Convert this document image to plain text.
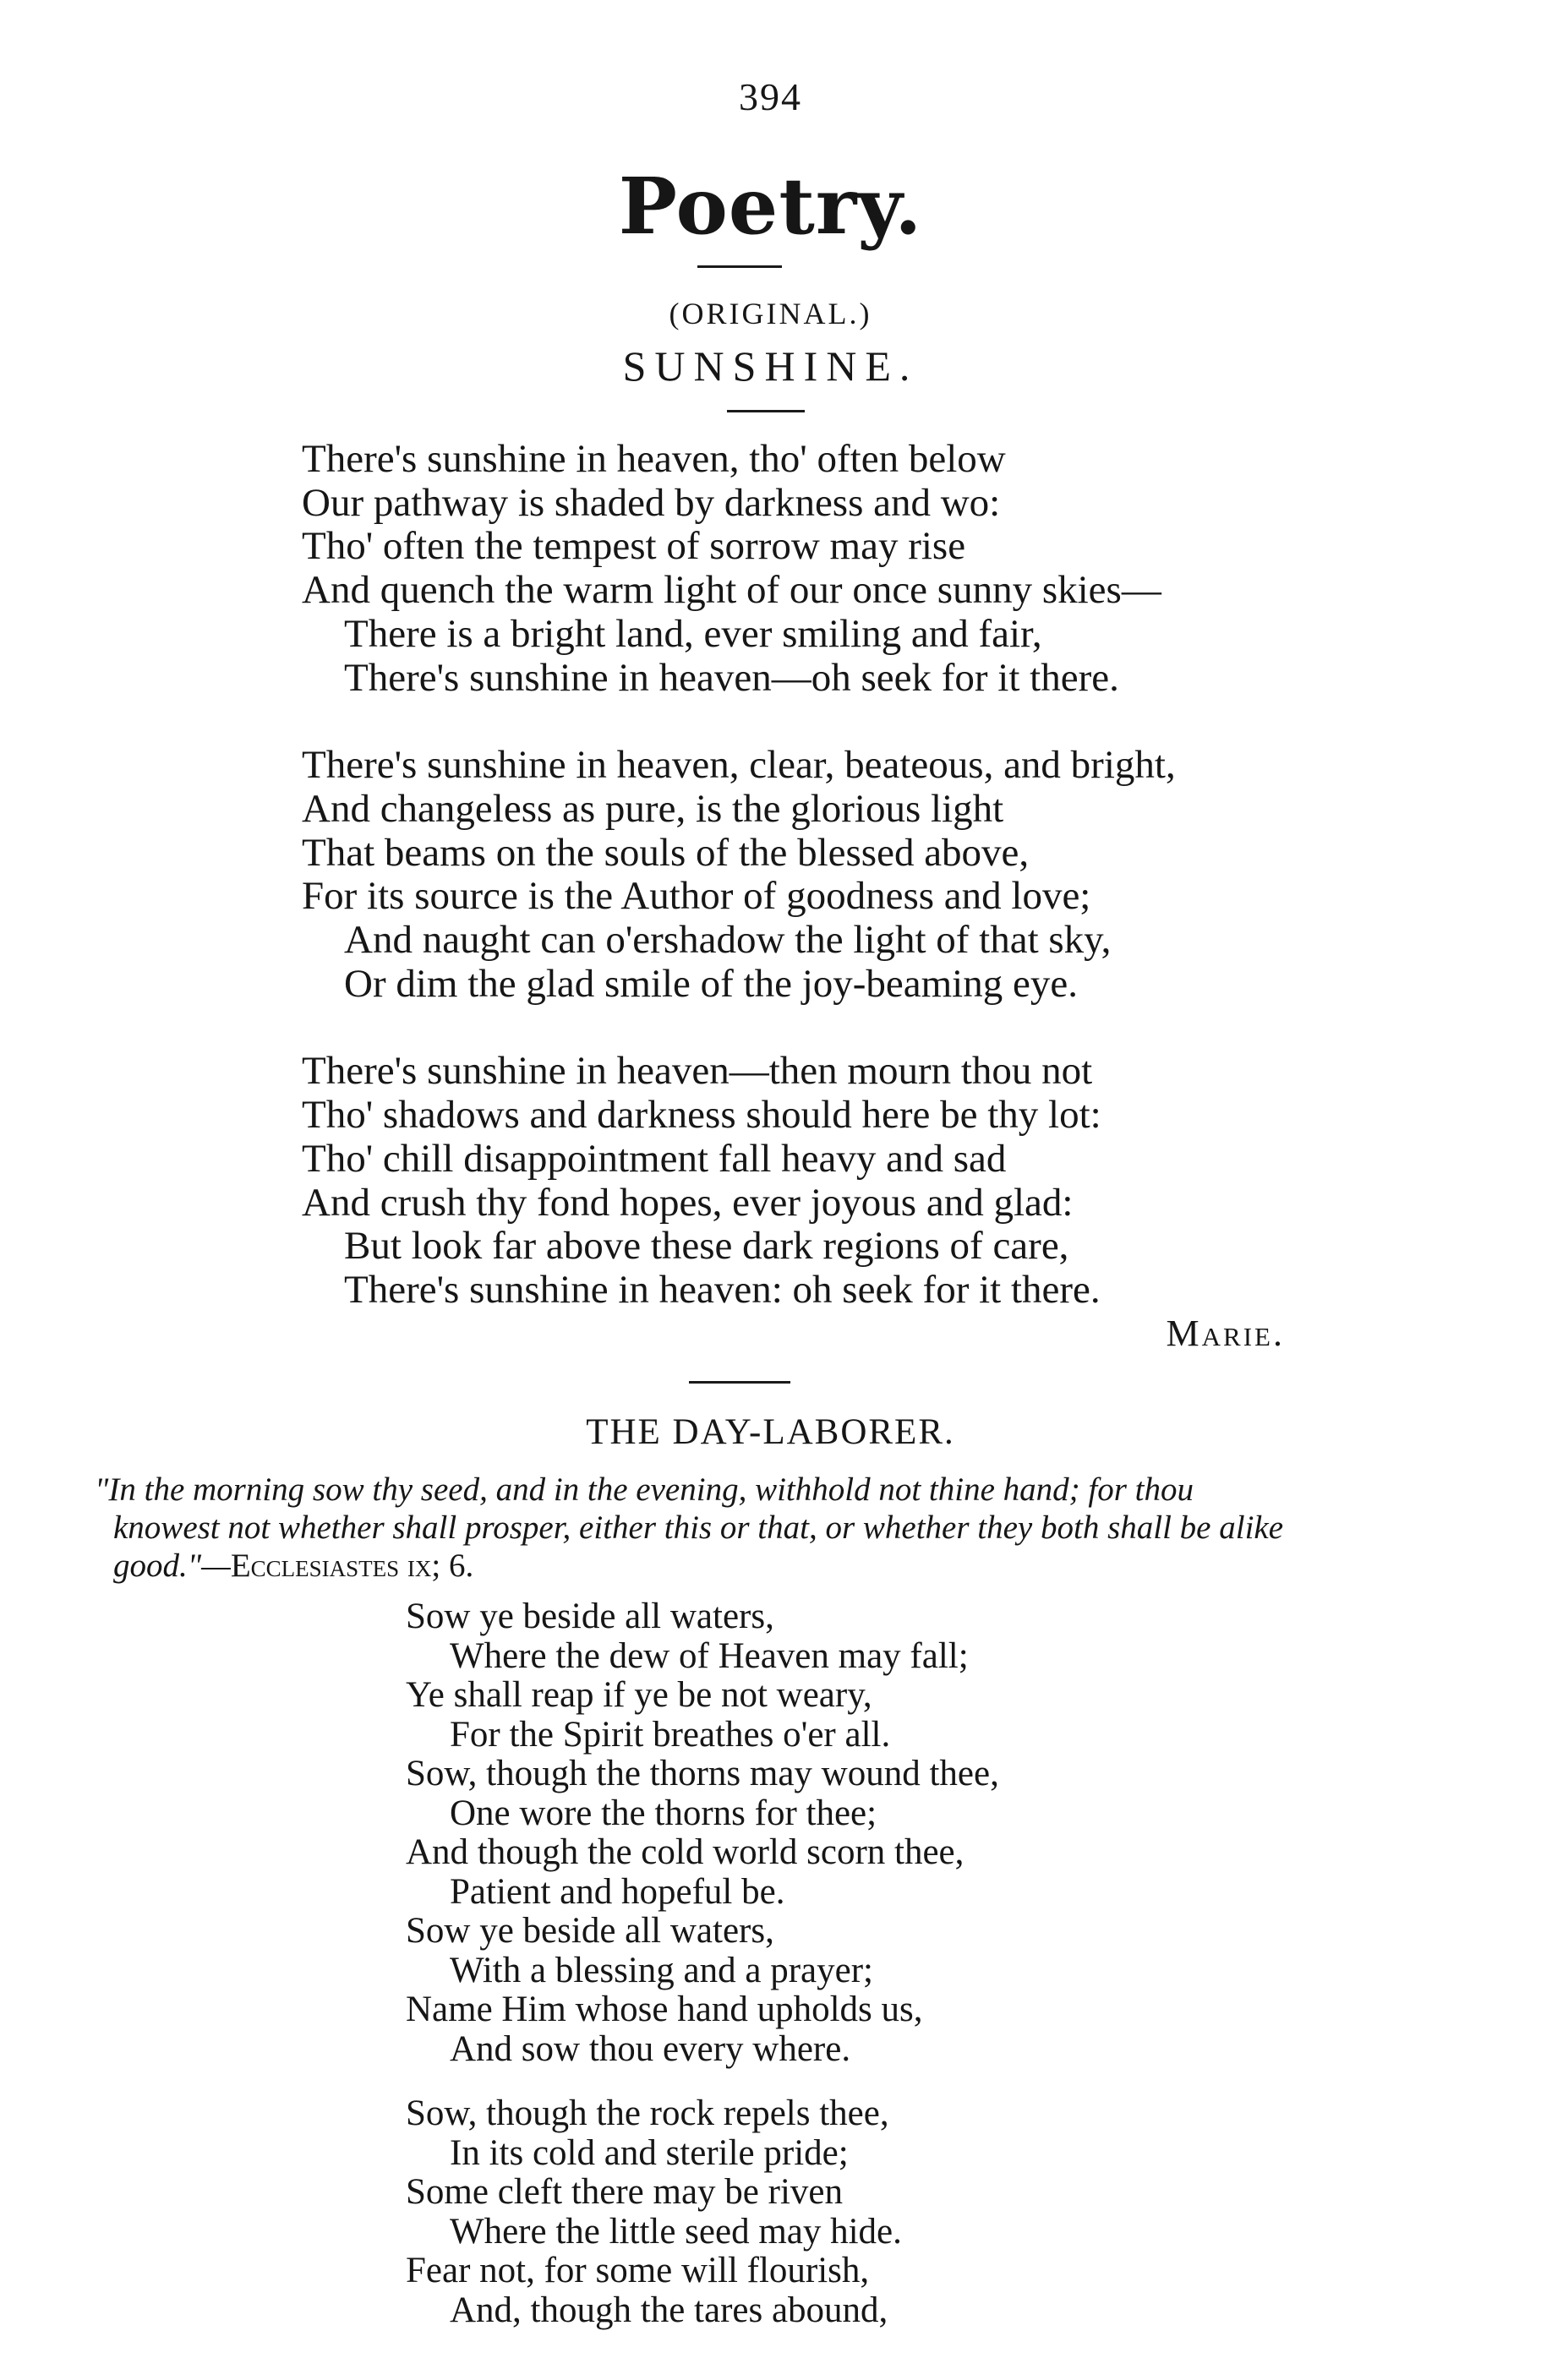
394
Poetry.
(ORIGINAL.)
SUNSHINE.
There's sunshine in heaven, tho' often below
Our pathway is shaded by darkness and wo:
Tho' often the tempest of sorrow may rise
And quench the warm light of our once sunny skies—
There is a bright land, ever smiling and fair,
There's sunshine in heaven—oh seek for it there.
There's sunshine in heaven, clear, beateous, and bright,
And changeless as pure, is the glorious light
That beams on the souls of the blessed above,
For its source is the Author of goodness and love;
And naught can o'ershadow the light of that sky,
Or dim the glad smile of the joy-beaming eye.
There's sunshine in heaven—then mourn thou not
Tho' shadows and darkness should here be thy lot:
Tho' chill disappointment fall heavy and sad
And crush thy fond hopes, ever joyous and glad:
But look far above these dark regions of care,
There's sunshine in heaven: oh seek for it there.
Marie.
THE DAY-LABORER.
"In the morning sow thy seed, and in the evening, withhold not thine hand; for thou
knowest not whether shall prosper, either this or that, or whether they both shall be alike
good."—Ecclesiastes ix; 6.
Sow ye beside all waters,
Where the dew of Heaven may fall;
Ye shall reap if ye be not weary,
For the Spirit breathes o'er all.
Sow, though the thorns may wound thee,
One wore the thorns for thee;
And though the cold world scorn thee,
Patient and hopeful be.
Sow ye beside all waters,
With a blessing and a prayer;
Name Him whose hand upholds us,
And sow thou every where.
Sow, though the rock repels thee,
In its cold and sterile pride;
Some cleft there may be riven
Where the little seed may hide.
Fear not, for some will flourish,
And, though the tares abound,
